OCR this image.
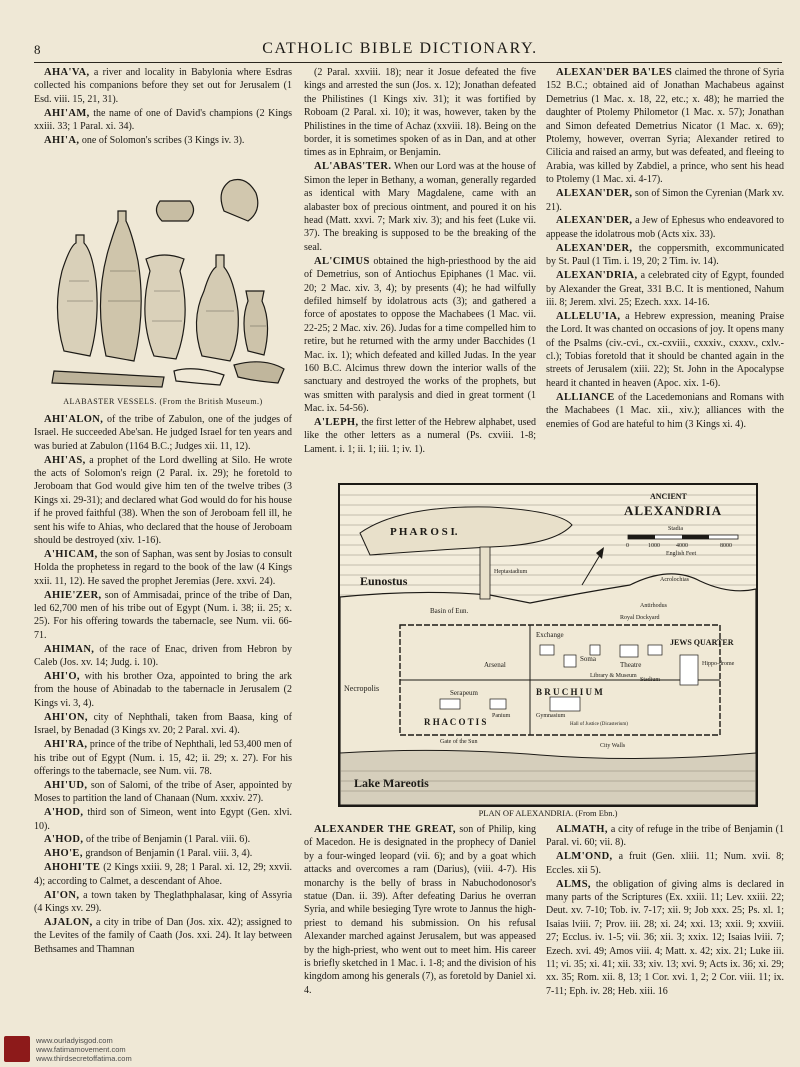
8	CATHOLIC BIBLE DICTIONARY.

AHA'VA, a river and locality in Babylonia where Esdras collected his companions before they set out for Jerusalem (1 Esd. viii. 15, 21, 31).

AHI'AM, the name of one of David's champions (2 Kings xxiii. 33; 1 Paral. xi. 34).

AHI'A, one of Solomon's scribes (3 Kings iv. 3).

ALABASTER VESSELS. (From the British Museum.)

AHI'ALON, of the tribe of Zabulon, one of the judges of Israel. He succeeded Abe'san. He judged Israel for ten years and was buried at Zabulon (1164 B.C.; Judges xii. 11, 12).

AHI'AS, a prophet of the Lord dwelling at Silo. He wrote the acts of Solomon's reign (2 Paral. ix. 29); he foretold to Jeroboam that God would give him ten of the twelve tribes (3 Kings xi. 29-31); and declared what God would do for his house if he proved faithful (38). When the son of Jeroboam fell ill, he sent his wife to Ahias, who declared that the house of Jeroboam should be destroyed (xiv. 1-16).

A'HICAM, the son of Saphan, was sent by Josias to consult Holda the prophetess in regard to the book of the law (4 Kings xxii. 11, 12). He saved the prophet Jeremias (Jere. xxvi. 24).

AHIE'ZER, son of Ammisadai, prince of the tribe of Dan, led 62,700 men of his tribe out of Egypt (Num. i. 38; ii. 25; x. 25). For his offering towards the tabernacle, see Num. vii. 66-71.

AHIMAN, of the race of Enac, driven from Hebron by Caleb (Jos. xv. 14; Judg. i. 10).

AHI'O, with his brother Oza, appointed to bring the ark from the house of Abinadab to the tabernacle in Jerusalem (2 Kings vi. 3, 4).

AHI'ON, city of Nephthali, taken from Baasa, king of Israel, by Benadad (3 Kings xv. 20; 2 Paral. xvi. 4).

AHI'RA, prince of the tribe of Nephthali, led 53,400 men of his tribe out of Egypt (Num. i. 15, 42; ii. 29; x. 27). For his offerings to the tabernacle, see Num. vii. 78.

AHI'UD, son of Salomi, of the tribe of Aser, appointed by Moses to partition the land of Chanaan (Num. xxxiv. 27).

A'HOD, third son of Simeon, went into Egypt (Gen. xlvi. 10).

A'HOD, of the tribe of Benjamin (1 Paral. viii. 6).

AHO'E, grandson of Benjamin (1 Paral. viii. 3, 4).

AHOHI'TE (2 Kings xxiii. 9, 28; 1 Paral. xi. 12, 29; xxvii. 4); according to Calmet, a descendant of Ahoe.

AI'ON, a town taken by Theglathphalasar, king of Assyria (4 Kings xv. 29).

AJALON, a city in tribe of Dan (Jos. xix. 42); assigned to the Levites of the family of Caath (Jos. xxi. 24). It lay between Bethsames and Thamnan

(2 Paral. xxviii. 18); near it Josue defeated the five kings and arrested the sun (Jos. x. 12); Jonathan defeated the Philistines (1 Kings xiv. 31); it was fortified by Roboam (2 Paral. xi. 10); it was, however, taken by the Philistines in the time of Achaz (xxviii. 18). Being on the border, it is sometimes spoken of as in Dan, and at other times as in Ephraim, or Benjamin.

AL'ABAS'TER. When our Lord was at the house of Simon the leper in Bethany, a woman, generally regarded as identical with Mary Magdalene, came with an alabaster box of precious ointment, and poured it on his head (Matt. xxvi. 7; Mark xiv. 3); and his feet (Luke vii. 37). The breaking is supposed to be the breaking of the seal.

AL'CIMUS obtained the high-priesthood by the aid of Demetrius, son of Antiochus Epiphanes (1 Mac. vii. 20; 2 Mac. xiv. 3, 4); by presents (4); he had wilfully defiled himself by idolatrous acts (3); and gathered a force of apostates to oppose the Machabees (1 Mac. vii. 22-25; 2 Mac. xiv. 26). Judas for a time compelled him to retire, but he returned with the army under Bacchides (1 Mac. ix. 1); which defeated and killed Judas. In the year 160 B.C. Alcimus threw down the interior walls of the sanctuary and destroyed the works of the prophets, but was smitten with paralysis and died in great torment (1 Mac. ix. 54-56).

A'LEPH, the first letter of the Hebrew alphabet, used like the other letters as a numeral (Ps. cxviii. 1-8; Lament. i. 1; ii. 1; iii. 1; iv. 1).

ALEXAN'DER BA'LES claimed the throne of Syria 152 B.C.; obtained aid of Jonathan Machabeus against Demetrius (1 Mac. x. 18, 22, etc.; x. 48); he married the daughter of Ptolemy Philometor (1 Mac. x. 57); Jonathan and Simon defeated Demetrius Nicator (1 Mac. x. 69); Ptolemy, however, overran Syria; Alexander retired to Cilicia and raised an army, but was defeated, and fleeing to Arabia, was killed by Zabdiel, a prince, who sent his head to Ptolemy (1 Mac. xi. 4-17).

ALEXAN'DER, son of Simon the Cyrenian (Mark xv. 21).

ALEXAN'DER, a Jew of Ephesus who endeavored to appease the idolatrous mob (Acts xix. 33).

ALEXAN'DER, the coppersmith, excommunicated by St. Paul (1 Tim. i. 19, 20; 2 Tim. iv. 14).

ALEXAN'DRIA, a celebrated city of Egypt, founded by Alexander the Great, 331 B.C. It is mentioned, Nahum iii. 8; Jerem. xlvi. 25; Ezech. xxx. 14-16.

ALLELU'IA, a Hebrew expression, meaning Praise the Lord. It was chanted on occasions of joy. It opens many of the Psalms (civ.-cvi., cx.-cxviii., cxxxiv., cxxxv., cxlv.-cl.); Tobias foretold that it should be chanted again in the streets of Jerusalem (xiii. 22); St. John in the Apocalypse heard it chanted in heaven (Apoc. xix. 1-6).

ALLIANCE of the Lacedemonians and Romans with the Machabees (1 Mac. xii., xiv.); alliances with the enemies of God are hateful to him (3 Kings xi. 4).

0	1000	4000	8000
ANCIENT
ALEXANDRIA
Stadia
English Feet
P H A R O S I.
Eunostus
Basin of Eun.
Heptastadium
Acrolochias
Antirhodus
Royal Dockyard
JEWS QUARTER
Theatre	Hippo-drome
Exchange
Arsenal
Soma
Library & Museum
Stadium
Serapeum
Necropolis
R H A C O T I S
B R U C H I U M
Gymnasium
Panium
Hall of Justice (Dicasterium)
Gate of the Sun
City Walls
Lake Mareotis
PLAN OF ALEXANDRIA. (From Ebn.)

ALEXANDER THE GREAT, son of Philip, king of Macedon. He is designated in the prophecy of Daniel by a four-winged leopard (vii. 6); and by a goat which attacks and overcomes a ram (Darius), (viii. 4-7). His monarchy is the belly of brass in Nabuchodonosor's statue (Dan. ii. 39). After defeating Darius he overran Syria, and while besieging Tyre wrote to Jannus the high-priest to demand his submission. On his refusal Alexander marched against Jerusalem, but was appeased by the high-priest, who went out to meet him. His career is briefly sketched in 1 Mac. i. 1-8; and the division of his kingdom among his generals (7), as foretold by Daniel xi. 4.

ALMATH, a city of refuge in the tribe of Benjamin (1 Paral. vi. 60; vii. 8).

ALM'OND, a fruit (Gen. xliii. 11; Num. xvii. 8; Eccles. xii 5).

ALMS, the obligation of giving alms is declared in many parts of the Scriptures (Ex. xxiii. 11; Lev. xxiii. 22; Deut. xv. 7-10; Tob. iv. 7-17; xii. 9; Job xxx. 25; Ps. xl. 1; Isaias lviii. 7; Prov. iii. 28; xi. 24; xxi. 13; xxii. 9; xxviii. 27; Ecclus. iv. 1-5; vii. 36; xii. 3; xxix. 12; Isaias lviii. 7; Ezech. xvi. 49; Amos viii. 4; Matt. x. 42; xix. 21; Luke iii. 11; vi. 35; xi. 41; xii. 33; xiv. 13; xvi. 9; Acts ix. 36; xi. 29; xx. 35; Rom. xii. 8, 13; 1 Cor. xvi. 1, 2; 2 Cor. viii. 11; ix. 7-11; Eph. iv. 28; Heb. xiii. 16

www.ourladyisgod.com
www.fatimamovement.com
www.thirdsecretoffatima.com
